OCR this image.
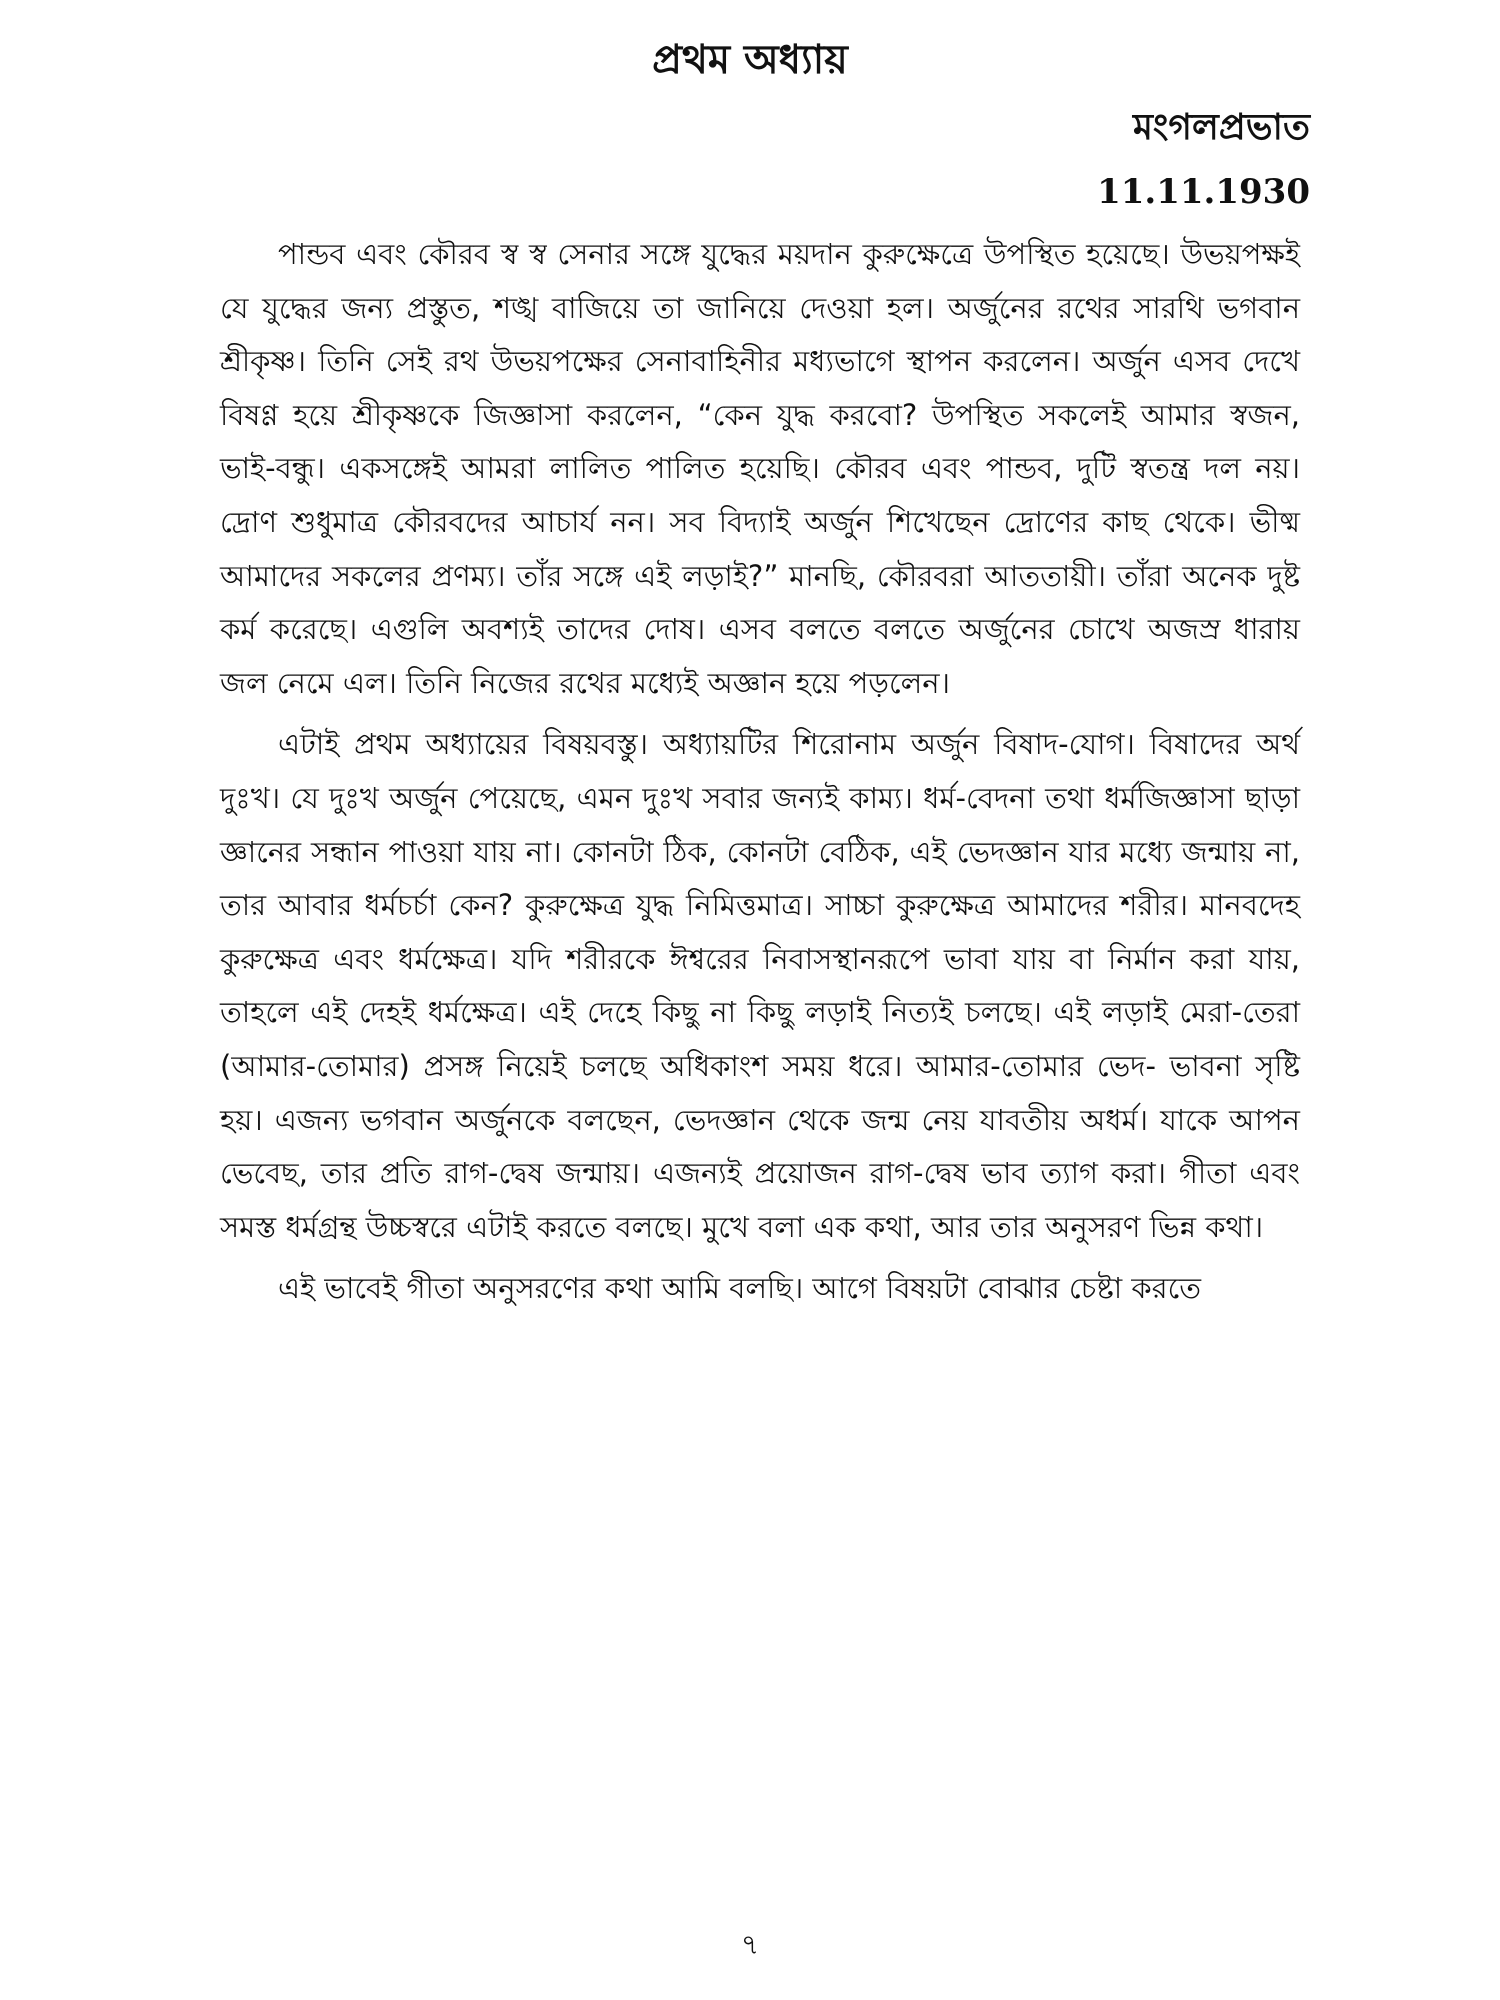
প্রথম অধ্যায়
মংগলপ্রভাত
11.11.1930

পান্ডব এবং কৌরব স্ব স্ব সেনার সঙ্গে যুদ্ধের ময়দান কুরুক্ষেত্রে উপস্থিত হয়েছে। উভয়পক্ষই যে যুদ্ধের জন্য প্রস্তুত, শঙ্খ বাজিয়ে তা জানিয়ে দেওয়া হল। অর্জুনের রথের সারথি ভগবান শ্রীকৃষ্ণ। তিনি সেই রথ উভয়পক্ষের সেনাবাহিনীর মধ্যভাগে স্থাপন করলেন। অর্জুন এসব দেখে বিষণ্ণ হয়ে শ্রীকৃষ্ণকে জিজ্ঞাসা করলেন, “কেন যুদ্ধ করবো? উপস্থিত সকলেই আমার স্বজন, ভাই-বন্ধু। একসঙ্গেই আমরা লালিত পালিত হয়েছি। কৌরব এবং পান্ডব, দুটি স্বতন্ত্র দল নয়। দ্রোণ শুধুমাত্র কৌরবদের আচার্য নন। সব বিদ্যাই অর্জুন শিখেছেন দ্রোণের কাছ থেকে। ভীষ্ম আমাদের সকলের প্রণম্য। তাঁর সঙ্গে এই লড়াই?” মানছি, কৌরবরা আততায়ী। তাঁরা অনেক দুষ্ট কর্ম করেছে। এগুলি অবশ্যই তাদের দোষ। এসব বলতে বলতে অর্জুনের চোখে অজস্র ধারায় জল নেমে এল। তিনি নিজের রথের মধ্যেই অজ্ঞান হয়ে পড়লেন।

এটাই প্রথম অধ্যায়ের বিষয়বস্তু। অধ্যায়টির শিরোনাম অর্জুন বিষাদ-যোগ। বিষাদের অর্থ দুঃখ। যে দুঃখ অর্জুন পেয়েছে, এমন দুঃখ সবার জন্যই কাম্য। ধর্ম-বেদনা তথা ধর্মজিজ্ঞাসা ছাড়া জ্ঞানের সন্ধান পাওয়া যায় না। কোনটা ঠিক, কোনটা বেঠিক, এই ভেদজ্ঞান যার মধ্যে জন্মায় না, তার আবার ধর্মচর্চা কেন? কুরুক্ষেত্র যুদ্ধ নিমিত্তমাত্র। সাচ্চা কুরুক্ষেত্র আমাদের শরীর। মানবদেহ কুরুক্ষেত্র এবং ধর্মক্ষেত্র। যদি শরীরকে ঈশ্বরের নিবাসস্থানরূপে ভাবা যায় বা নির্মান করা যায়, তাহলে এই দেহই ধর্মক্ষেত্র। এই দেহে কিছু না কিছু লড়াই নিত্যই চলছে। এই লড়াই মেরা-তেরা (আমার-তোমার) প্রসঙ্গ নিয়েই চলছে অধিকাংশ সময় ধরে। আমার-তোমার ভেদ- ভাবনা সৃষ্টি হয়। এজন্য ভগবান অর্জুনকে বলছেন, ভেদজ্ঞান থেকে জন্ম নেয় যাবতীয় অধর্ম। যাকে আপন ভেবেছ, তার প্রতি রাগ-দ্বেষ জন্মায়। এজন্যই প্রয়োজন রাগ-দ্বেষ ভাব ত্যাগ করা। গীতা এবং সমস্ত ধর্মগ্রন্থ উচ্চস্বরে এটাই করতে বলছে। মুখে বলা এক কথা, আর তার অনুসরণ ভিন্ন কথা।

এই ভাবেই গীতা অনুসরণের কথা আমি বলছি। আগে বিষয়টা বোঝার চেষ্টা করতে

৭
